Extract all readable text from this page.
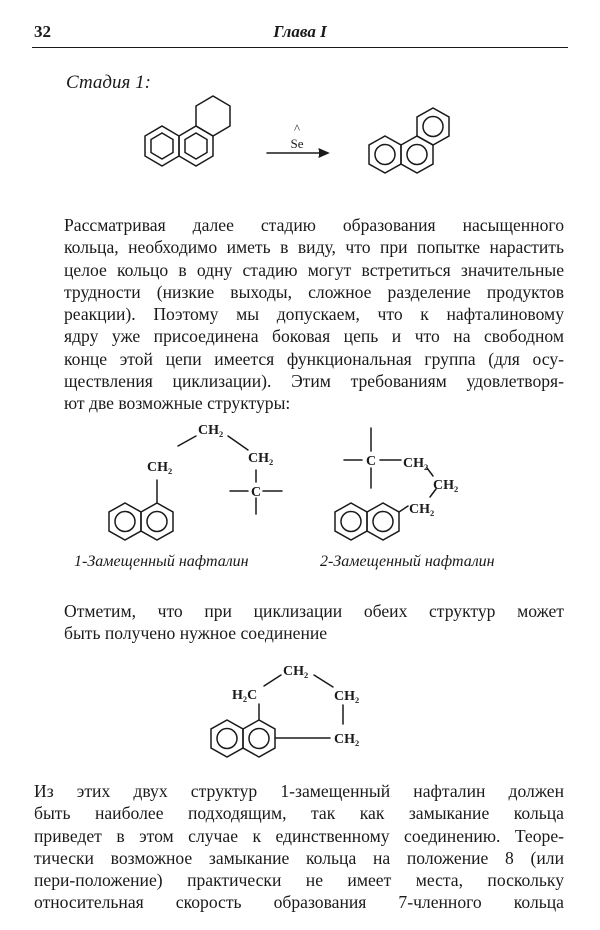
32	Глава I
Стадия 1:
^
Se
CH₂
CH₂
CH₂
C
C CH₂
CH₂
CH₂
H₂C
CH₂
CH₂
CH₂
Рассматривая далее стадию образования насыщенного
кольца, необходимо иметь в виду, что при попытке нарастить
целое кольцо в одну стадию могут встретиться значительные
трудности (низкие выходы, сложное разделение продуктов
реакции). Поэтому мы допускаем, что к нафталиновому
ядру уже присоединена боковая цепь и что на свободном
конце этой цепи имеется функциональная группа (для осу-
ществления циклизации). Этим требованиям удовлетворя-
ют две возможные структуры:
1-Замещенный нафталин	2-Замещенный нафталин
Отметим, что при циклизации обеих структур может
быть получено нужное соединение
Из этих двух структур 1-замещенный нафталин должен
быть наиболее подходящим, так как замыкание кольца
приведет в этом случае к единственному соединению. Теоре-
тически возможное замыкание кольца на положение 8 (или
пери-положение) практически не имеет места, поскольку
относительная скорость образования 7-членного кольца
